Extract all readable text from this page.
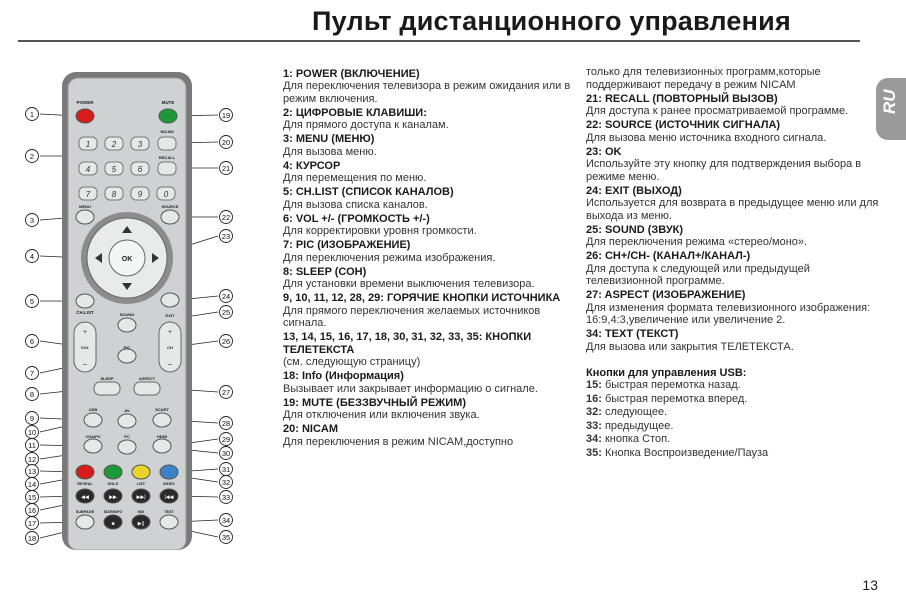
Пульт дистанционного управления
RU
POWER	MUTE
1	2	3
4	5	6
7	8	9	0
NICAM
RECALL
MENU	SOURCE
OK
CH.LIST
EXIT
SOUND
+
VOL
−
+
CH
−
PIC
SLEEP	ASPECT
USB	AV	SCART
VGA/PC	PC	HDMI
REVEAL	HOLD	LIST	INDEX
◀◀	▶▶	▶▶|	|◀◀
SUBPAGE SIZE/INFO	MIX	TEXT
■	▶||
1
2
3
4
5
6
7
8
9
10
11
12
13
14
15
16
17
18
19
20
21
22
23
24
25
26
27
28
29
30
31
32
33
34
35
1: POWER (ВКЛЮЧЕНИЕ)
Для переключения телевизора в режим ожидания или в режим включения.
2: ЦИФРОВЫЕ КЛАВИШИ:
Для прямого доступа к каналам.
3: MENU (МЕНЮ)
Для вызова меню.
4: КУРСОР
Для перемещения по меню.
5: CH.LIST (СПИСОК КАНАЛОВ)
Для вызова списка каналов.
6: VOL +/- (ГРОМКОСТЬ +/-)
Для корректировки уровня громкости.
7: PIC (ИЗОБРАЖЕНИЕ)
Для переключения режима изображения.
8: SLEEP (СОН)
Для установки времени выключения телевизора.
9, 10, 11, 12, 28, 29: ГОРЯЧИЕ КНОПКИ ИСТОЧНИКА
Для прямого переключения желаемых источников сигнала.
13, 14, 15, 16, 17, 18, 30, 31, 32, 33, 35: КНОПКИ ТЕЛЕТЕКСТА
(см. следующую страницу)
18: Info (Информация)
Вызывает или закрывает информацию о сигнале.
19: MUTE (БЕЗЗВУЧНЫЙ РЕЖИМ)
Для отключения или включения звука.
20: NICAM
Для переключения в режим NICAM,доступно
только для телевизионных программ,которые поддерживают передачу в режим NICAM
21: RECALL (ПОВТОРНЫЙ ВЫЗОВ)
Для доступа к ранее просматриваемой программе.
22: SOURCE (ИСТОЧНИК СИГНАЛА)
Для вызова меню источника входного сигнала.
23: OK
Используйте эту кнопку для подтверждения выбора в режиме меню.
24: EXIT (ВЫХОД)
Используется для возврата в предыдущее меню или для выхода из меню.
25: SOUND (ЗВУК)
Для переключения режима «стерео/моно».
26: CH+/CH- (КАНАЛ+/КАНАЛ-)
Для доступа к следующей или предыдущей телевизионной программе.
27: ASPECT (ИЗОБРАЖЕНИЕ)
Для изменения формата телевизионного изображения: 16:9,4:3,увеличение или увеличение 2.
34: TEXT (ТЕКСТ)
Для вызова или закрытия ТЕЛЕТЕКСТА.
Кнопки для управления USB:
15: быстрая перемотка назад.
16: быстрая перемотка вперед.
32: следующее.
33: предыдущее.
34: кнопка Стоп.
35: Кнопка Воспроизведение/Пауза
13
